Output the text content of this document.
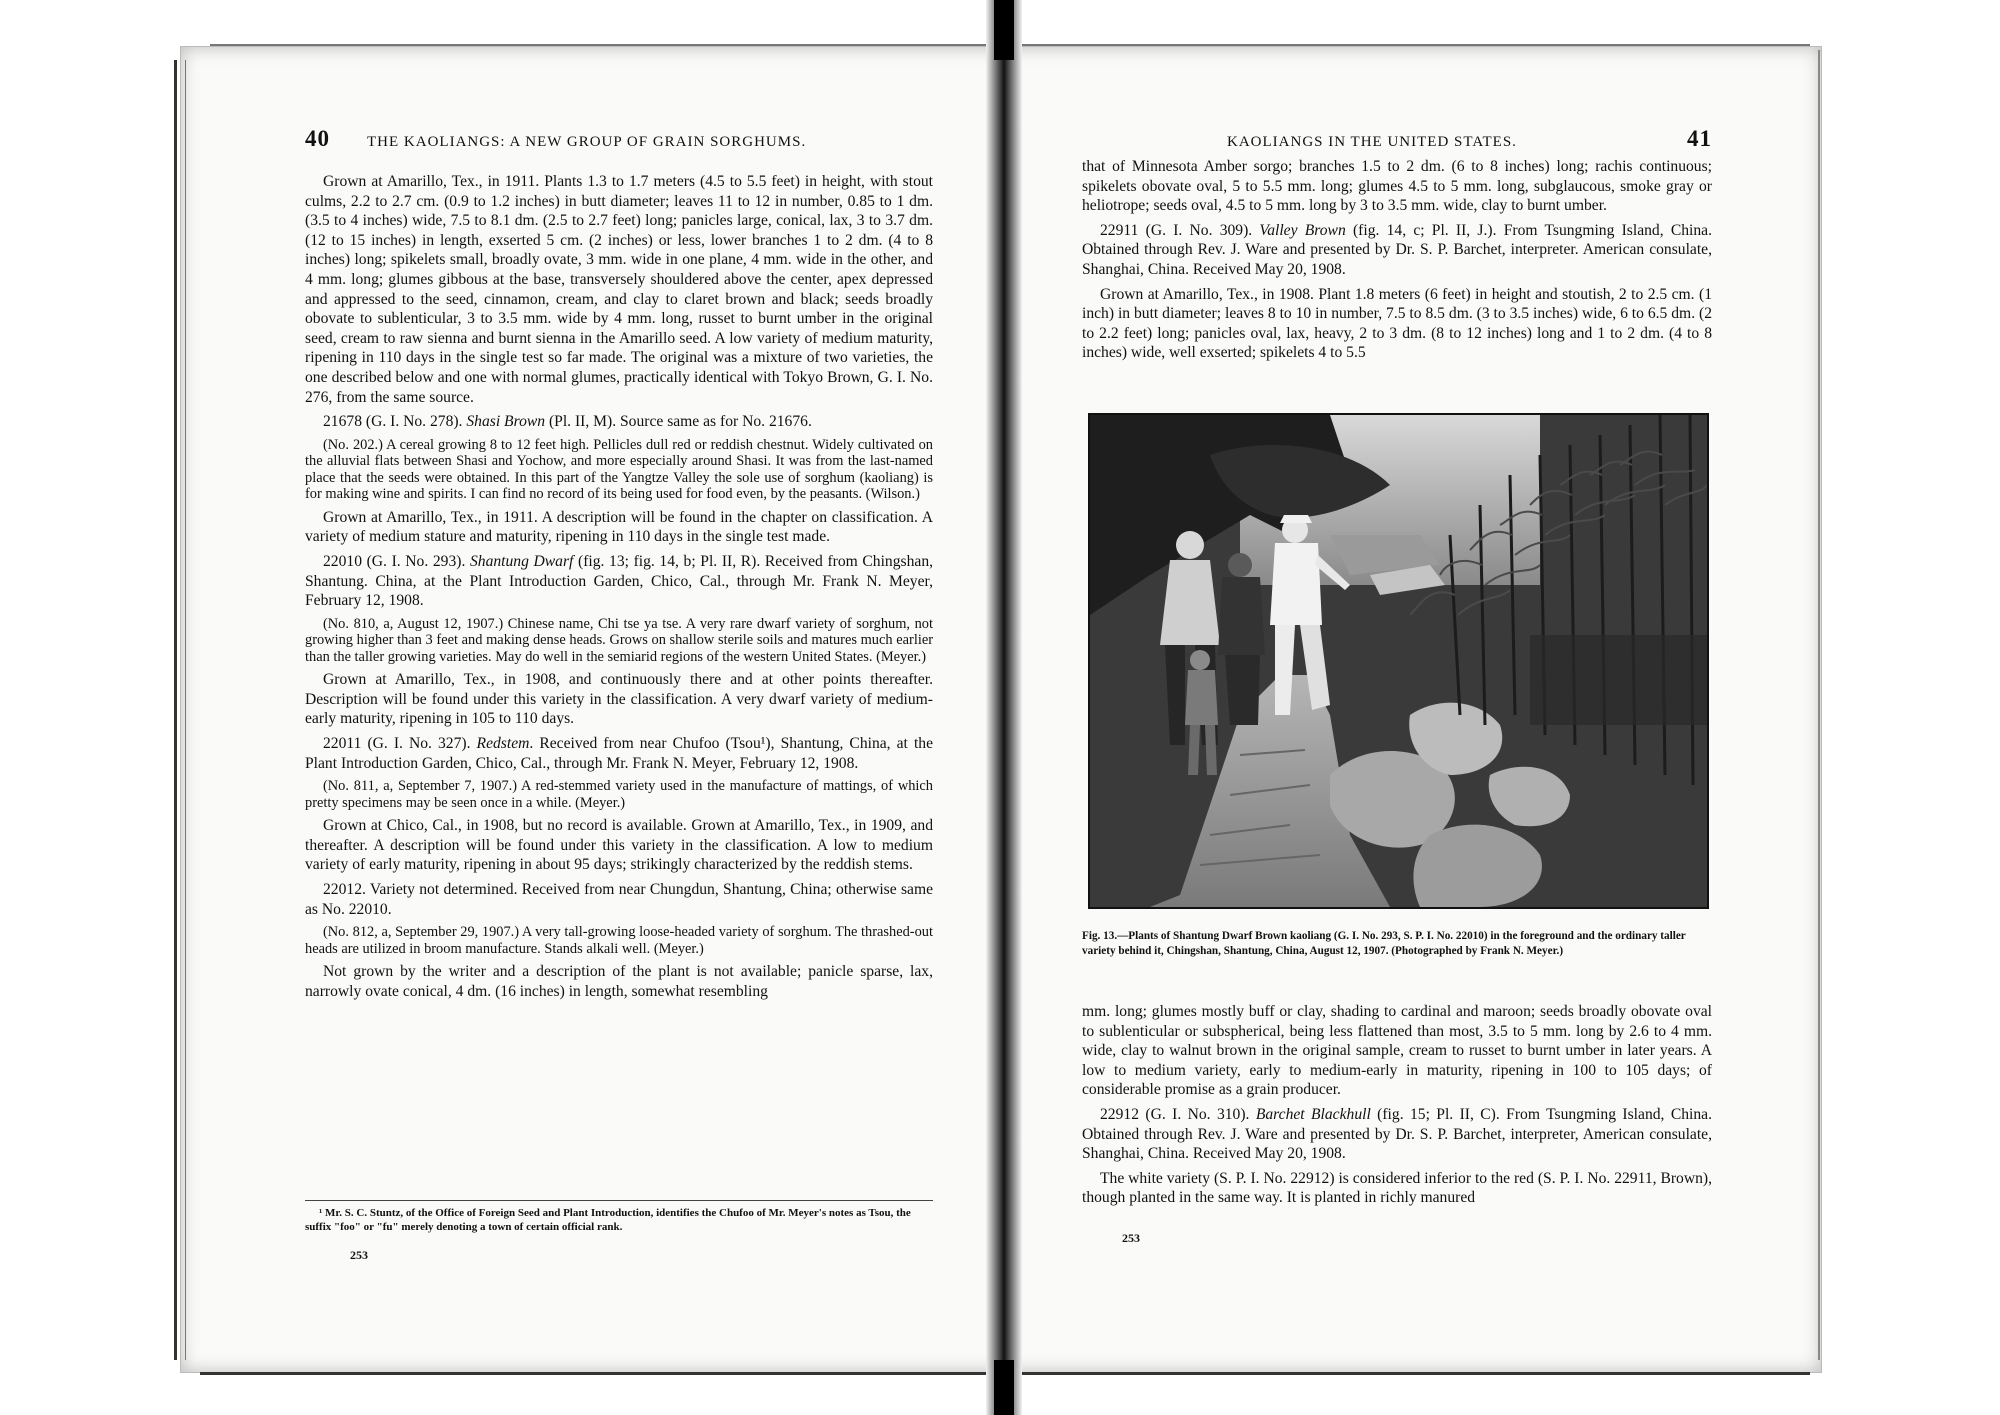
40 THE KAOLIANGS: A NEW GROUP OF GRAIN SORGHUMS.

Grown at Amarillo, Tex., in 1911. Plants 1.3 to 1.7 meters (4.5 to 5.5 feet) in height, with stout culms, 2.2 to 2.7 cm. (0.9 to 1.2 inches) in butt diameter; leaves 11 to 12 in number, 0.85 to 1 dm. (3.5 to 4 inches) wide, 7.5 to 8.1 dm. (2.5 to 2.7 feet) long; panicles large, conical, lax, 3 to 3.7 dm. (12 to 15 inches) in length, exserted 5 cm. (2 inches) or less, lower branches 1 to 2 dm. (4 to 8 inches) long; spikelets small, broadly ovate, 3 mm. wide in one plane, 4 mm. wide in the other, and 4 mm. long; glumes gibbous at the base, transversely shouldered above the center, apex depressed and appressed to the seed, cinnamon, cream, and clay to claret brown and black; seeds broadly obovate to sublenticular, 3 to 3.5 mm. wide by 4 mm. long, russet to burnt umber in the original seed, cream to raw sienna and burnt sienna in the Amarillo seed. A low variety of medium maturity, ripening in 110 days in the single test so far made. The original was a mixture of two varieties, the one described below and one with normal glumes, practically identical with Tokyo Brown, G. I. No. 276, from the same source.

21678 (G. I. No. 278). Shasi Brown (Pl. II, M). Source same as for No. 21676.

(No. 202.) A cereal growing 8 to 12 feet high. Pellicles dull red or reddish chestnut. Widely cultivated on the alluvial flats between Shasi and Yochow, and more especially around Shasi. It was from the last-named place that the seeds were obtained. In this part of the Yangtze Valley the sole use of sorghum (kaoliang) is for making wine and spirits. I can find no record of its being used for food even, by the peasants. (Wilson.)

Grown at Amarillo, Tex., in 1911. A description will be found in the chapter on classification. A variety of medium stature and maturity, ripening in 110 days in the single test made.

22010 (G. I. No. 293). Shantung Dwarf (fig. 13; fig. 14, b; Pl. II, R). Received from Chingshan, Shantung. China, at the Plant Introduction Garden, Chico, Cal., through Mr. Frank N. Meyer, February 12, 1908.

(No. 810, a, August 12, 1907.) Chinese name, Chi tse ya tse. A very rare dwarf variety of sorghum, not growing higher than 3 feet and making dense heads. Grows on shallow sterile soils and matures much earlier than the taller growing varieties. May do well in the semiarid regions of the western United States. (Meyer.)

Grown at Amarillo, Tex., in 1908, and continuously there and at other points thereafter. Description will be found under this variety in the classification. A very dwarf variety of medium-early maturity, ripening in 105 to 110 days.

22011 (G. I. No. 327). Redstem. Received from near Chufoo (Tsou¹), Shantung, China, at the Plant Introduction Garden, Chico, Cal., through Mr. Frank N. Meyer, February 12, 1908.

(No. 811, a, September 7, 1907.) A red-stemmed variety used in the manufacture of mattings, of which pretty specimens may be seen once in a while. (Meyer.)

Grown at Chico, Cal., in 1908, but no record is available. Grown at Amarillo, Tex., in 1909, and thereafter. A description will be found under this variety in the classification. A low to medium variety of early maturity, ripening in about 95 days; strikingly characterized by the reddish stems.

22012. Variety not determined. Received from near Chungdun, Shantung, China; otherwise same as No. 22010.

(No. 812, a, September 29, 1907.) A very tall-growing loose-headed variety of sorghum. The thrashed-out heads are utilized in broom manufacture. Stands alkali well. (Meyer.)

Not grown by the writer and a description of the plant is not available; panicle sparse, lax, narrowly ovate conical, 4 dm. (16 inches) in length, somewhat resembling

¹ Mr. S. C. Stuntz, of the Office of Foreign Seed and Plant Introduction, identifies the Chufoo of Mr. Meyer's notes as Tsou, the suffix "foo" or "fu" merely denoting a town of certain official rank.
253
KAOLIANGS IN THE UNITED STATES.	41

that of Minnesota Amber sorgo; branches 1.5 to 2 dm. (6 to 8 inches) long; rachis continuous; spikelets obovate oval, 5 to 5.5 mm. long; glumes 4.5 to 5 mm. long, subglaucous, smoke gray or heliotrope; seeds oval, 4.5 to 5 mm. long by 3 to 3.5 mm. wide, clay to burnt umber.

22911 (G. I. No. 309). Valley Brown (fig. 14, c; Pl. II, J.). From Tsungming Island, China. Obtained through Rev. J. Ware and presented by Dr. S. P. Barchet, interpreter. American consulate, Shanghai, China. Received May 20, 1908.

Grown at Amarillo, Tex., in 1908. Plant 1.8 meters (6 feet) in height and stoutish, 2 to 2.5 cm. (1 inch) in butt diameter; leaves 8 to 10 in number, 7.5 to 8.5 dm. (3 to 3.5 inches) wide, 6 to 6.5 dm. (2 to 2.2 feet) long; panicles oval, lax, heavy, 2 to 3 dm. (8 to 12 inches) long and 1 to 2 dm. (4 to 8 inches) wide, well exserted; spikelets 4 to 5.5

mm. long; glumes mostly buff or clay, shading to cardinal and maroon; seeds broadly obovate oval to sublenticular or subspherical, being less flattened than most, 3.5 to 5 mm. long by 2.6 to 4 mm. wide, clay to walnut brown in the original sample, cream to russet to burnt umber in later years. A low to medium variety, early to medium-early in maturity, ripening in 100 to 105 days; of considerable promise as a grain producer.

22912 (G. I. No. 310). Barchet Blackhull (fig. 15; Pl. II, C). From Tsungming Island, China. Obtained through Rev. J. Ware and presented by Dr. S. P. Barchet, interpreter, American consulate, Shanghai, China. Received May 20, 1908.

The white variety (S. P. I. No. 22912) is considered inferior to the red (S. P. I. No. 22911, Brown), though planted in the same way. It is planted in richly manured

253
Fig. 13.—Plants of Shantung Dwarf Brown kaoliang (G. I. No. 293, S. P. I. No. 22010) in the foreground and the ordinary taller variety behind it, Chingshan, Shantung, China, August 12, 1907. (Photographed by Frank N. Meyer.)
